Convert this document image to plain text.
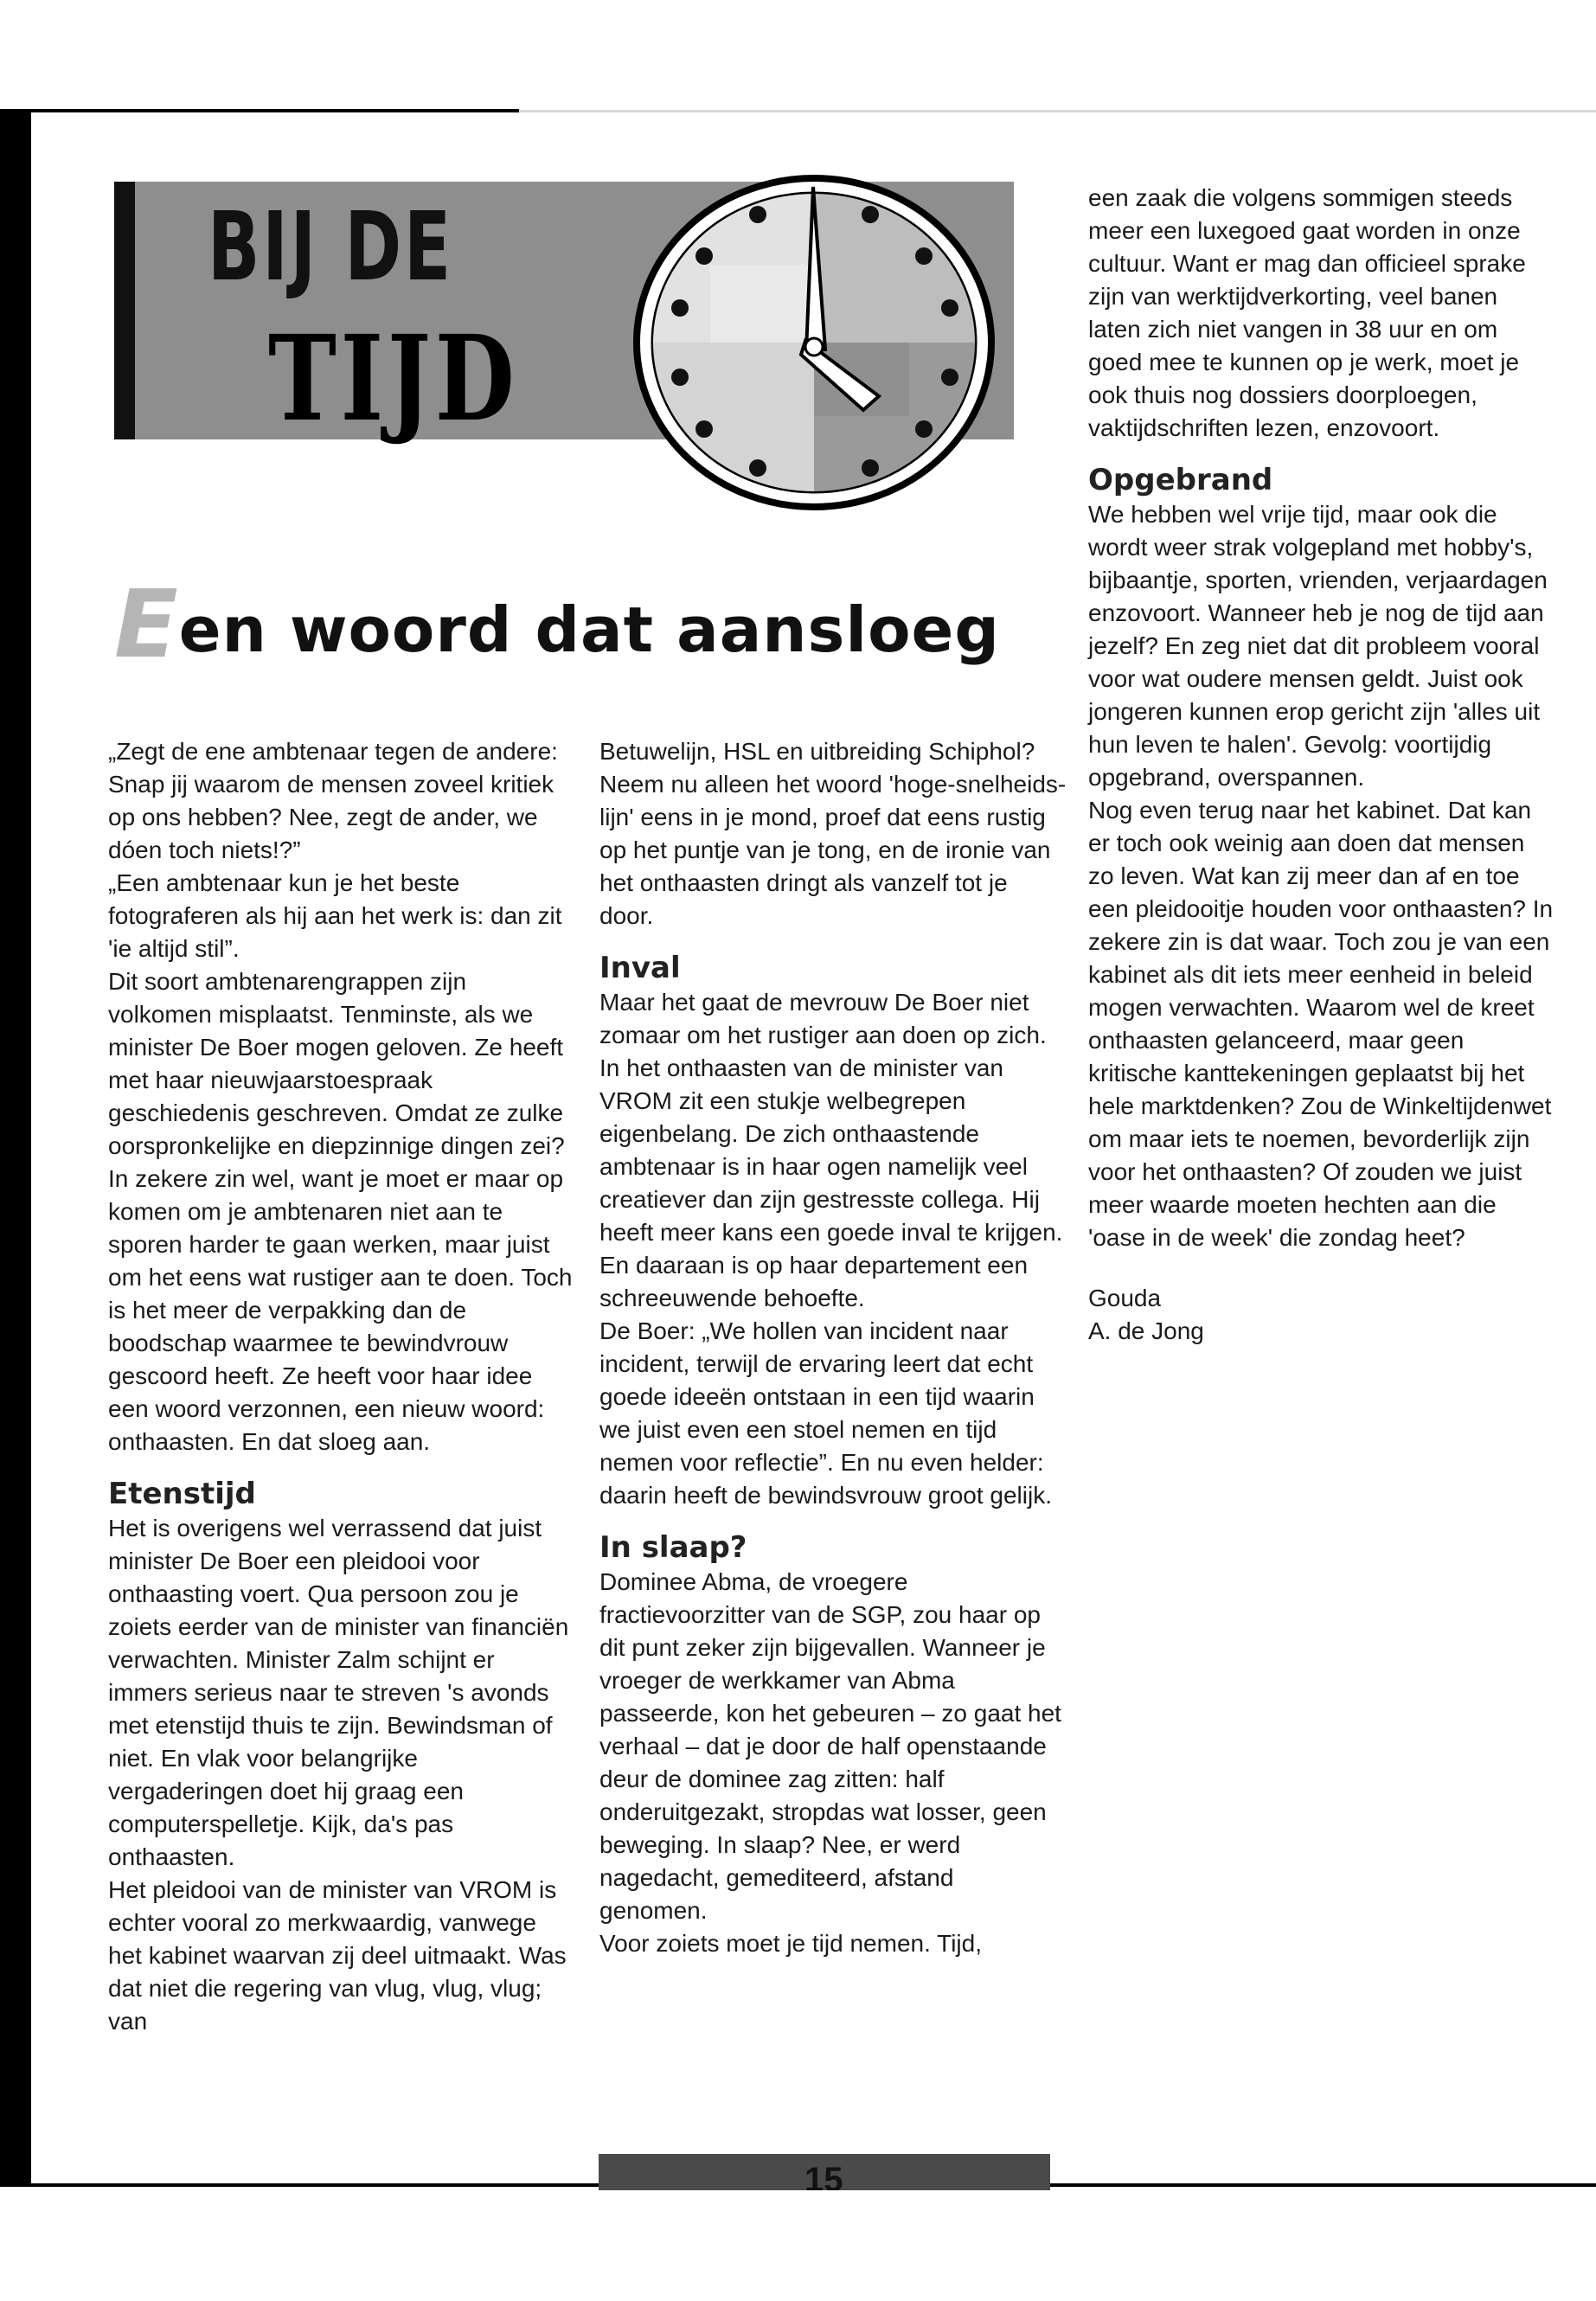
BIJ DE
TIJD
Een woord dat aansloeg

„Zegt de ene ambtenaar tegen de andere: Snap jij waarom de mensen zoveel kritiek op ons hebben? Nee, zegt de ander, we dóen toch niets!?”

„Een ambtenaar kun je het beste fotograferen als hij aan het werk is: dan zit 'ie altijd stil”.

Dit soort ambtenarengrappen zijn volkomen misplaatst. Tenminste, als we minister De Boer mogen geloven. Ze heeft met haar nieuwjaarstoespraak geschiedenis geschreven. Omdat ze zulke oorspronkelijke en diepzinnige dingen zei? In zekere zin wel, want je moet er maar op komen om je ambtenaren niet aan te sporen harder te gaan werken, maar juist om het eens wat rustiger aan te doen. Toch is het meer de verpakking dan de boodschap waarmee te bewindvrouw gescoord heeft. Ze heeft voor haar idee een woord verzonnen, een nieuw woord: onthaasten. En dat sloeg aan.

Etenstijd

Het is overigens wel verrassend dat juist minister De Boer een pleidooi voor onthaasting voert. Qua persoon zou je zoiets eerder van de minister van financiën verwachten. Minister Zalm schijnt er immers serieus naar te streven 's avonds met etenstijd thuis te zijn. Bewindsman of niet. En vlak voor belangrijke vergaderingen doet hij graag een computerspelletje. Kijk, da's pas onthaasten.

Het pleidooi van de minister van VROM is echter vooral zo merkwaardig, vanwege het kabinet waarvan zij deel uitmaakt. Was dat niet die regering van vlug, vlug, vlug; van

Betuwelijn, HSL en uitbreiding Schiphol? Neem nu alleen het woord 'hoge-snelheids-lijn' eens in je mond, proef dat eens rustig op het puntje van je tong, en de ironie van het onthaasten dringt als vanzelf tot je door.

Inval

Maar het gaat de mevrouw De Boer niet zomaar om het rustiger aan doen op zich. In het onthaasten van de minister van VROM zit een stukje welbegrepen eigenbelang. De zich onthaastende ambtenaar is in haar ogen namelijk veel creatiever dan zijn gestresste collega. Hij heeft meer kans een goede inval te krijgen. En daaraan is op haar departement een schreeuwende behoefte.

De Boer: „We hollen van incident naar incident, terwijl de ervaring leert dat echt goede ideeën ontstaan in een tijd waarin we juist even een stoel nemen en tijd nemen voor reflectie”. En nu even helder: daarin heeft de bewindsvrouw groot gelijk.

In slaap?

Dominee Abma, de vroegere fractievoorzitter van de SGP, zou haar op dit punt zeker zijn bijgevallen. Wanneer je vroeger de werkkamer van Abma passeerde, kon het gebeuren – zo gaat het verhaal – dat je door de half openstaande deur de dominee zag zitten: half onderuitgezakt, stropdas wat losser, geen beweging. In slaap? Nee, er werd nagedacht, gemediteerd, afstand genomen.

Voor zoiets moet je tijd nemen. Tijd,

een zaak die volgens sommigen steeds meer een luxegoed gaat worden in onze cultuur. Want er mag dan officieel sprake zijn van werktijdverkorting, veel banen laten zich niet vangen in 38 uur en om goed mee te kunnen op je werk, moet je ook thuis nog dossiers doorploegen, vaktijdschriften lezen, enzovoort.

Opgebrand

We hebben wel vrije tijd, maar ook die wordt weer strak volgepland met hobby's, bijbaantje, sporten, vrienden, verjaardagen enzovoort. Wanneer heb je nog de tijd aan jezelf? En zeg niet dat dit probleem vooral voor wat oudere mensen geldt. Juist ook jongeren kunnen erop gericht zijn 'alles uit hun leven te halen'. Gevolg: voortijdig opgebrand, overspannen.

Nog even terug naar het kabinet. Dat kan er toch ook weinig aan doen dat mensen zo leven. Wat kan zij meer dan af en toe een pleidooitje houden voor onthaasten? In zekere zin is dat waar. Toch zou je van een kabinet als dit iets meer eenheid in beleid mogen verwachten. Waarom wel de kreet onthaasten gelanceerd, maar geen kritische kanttekeningen geplaatst bij het hele marktdenken? Zou de Winkeltijdenwet om maar iets te noemen, bevorderlijk zijn voor het onthaasten? Of zouden we juist meer waarde moeten hechten aan die 'oase in de week' die zondag heet?

Gouda

A. de Jong

15
